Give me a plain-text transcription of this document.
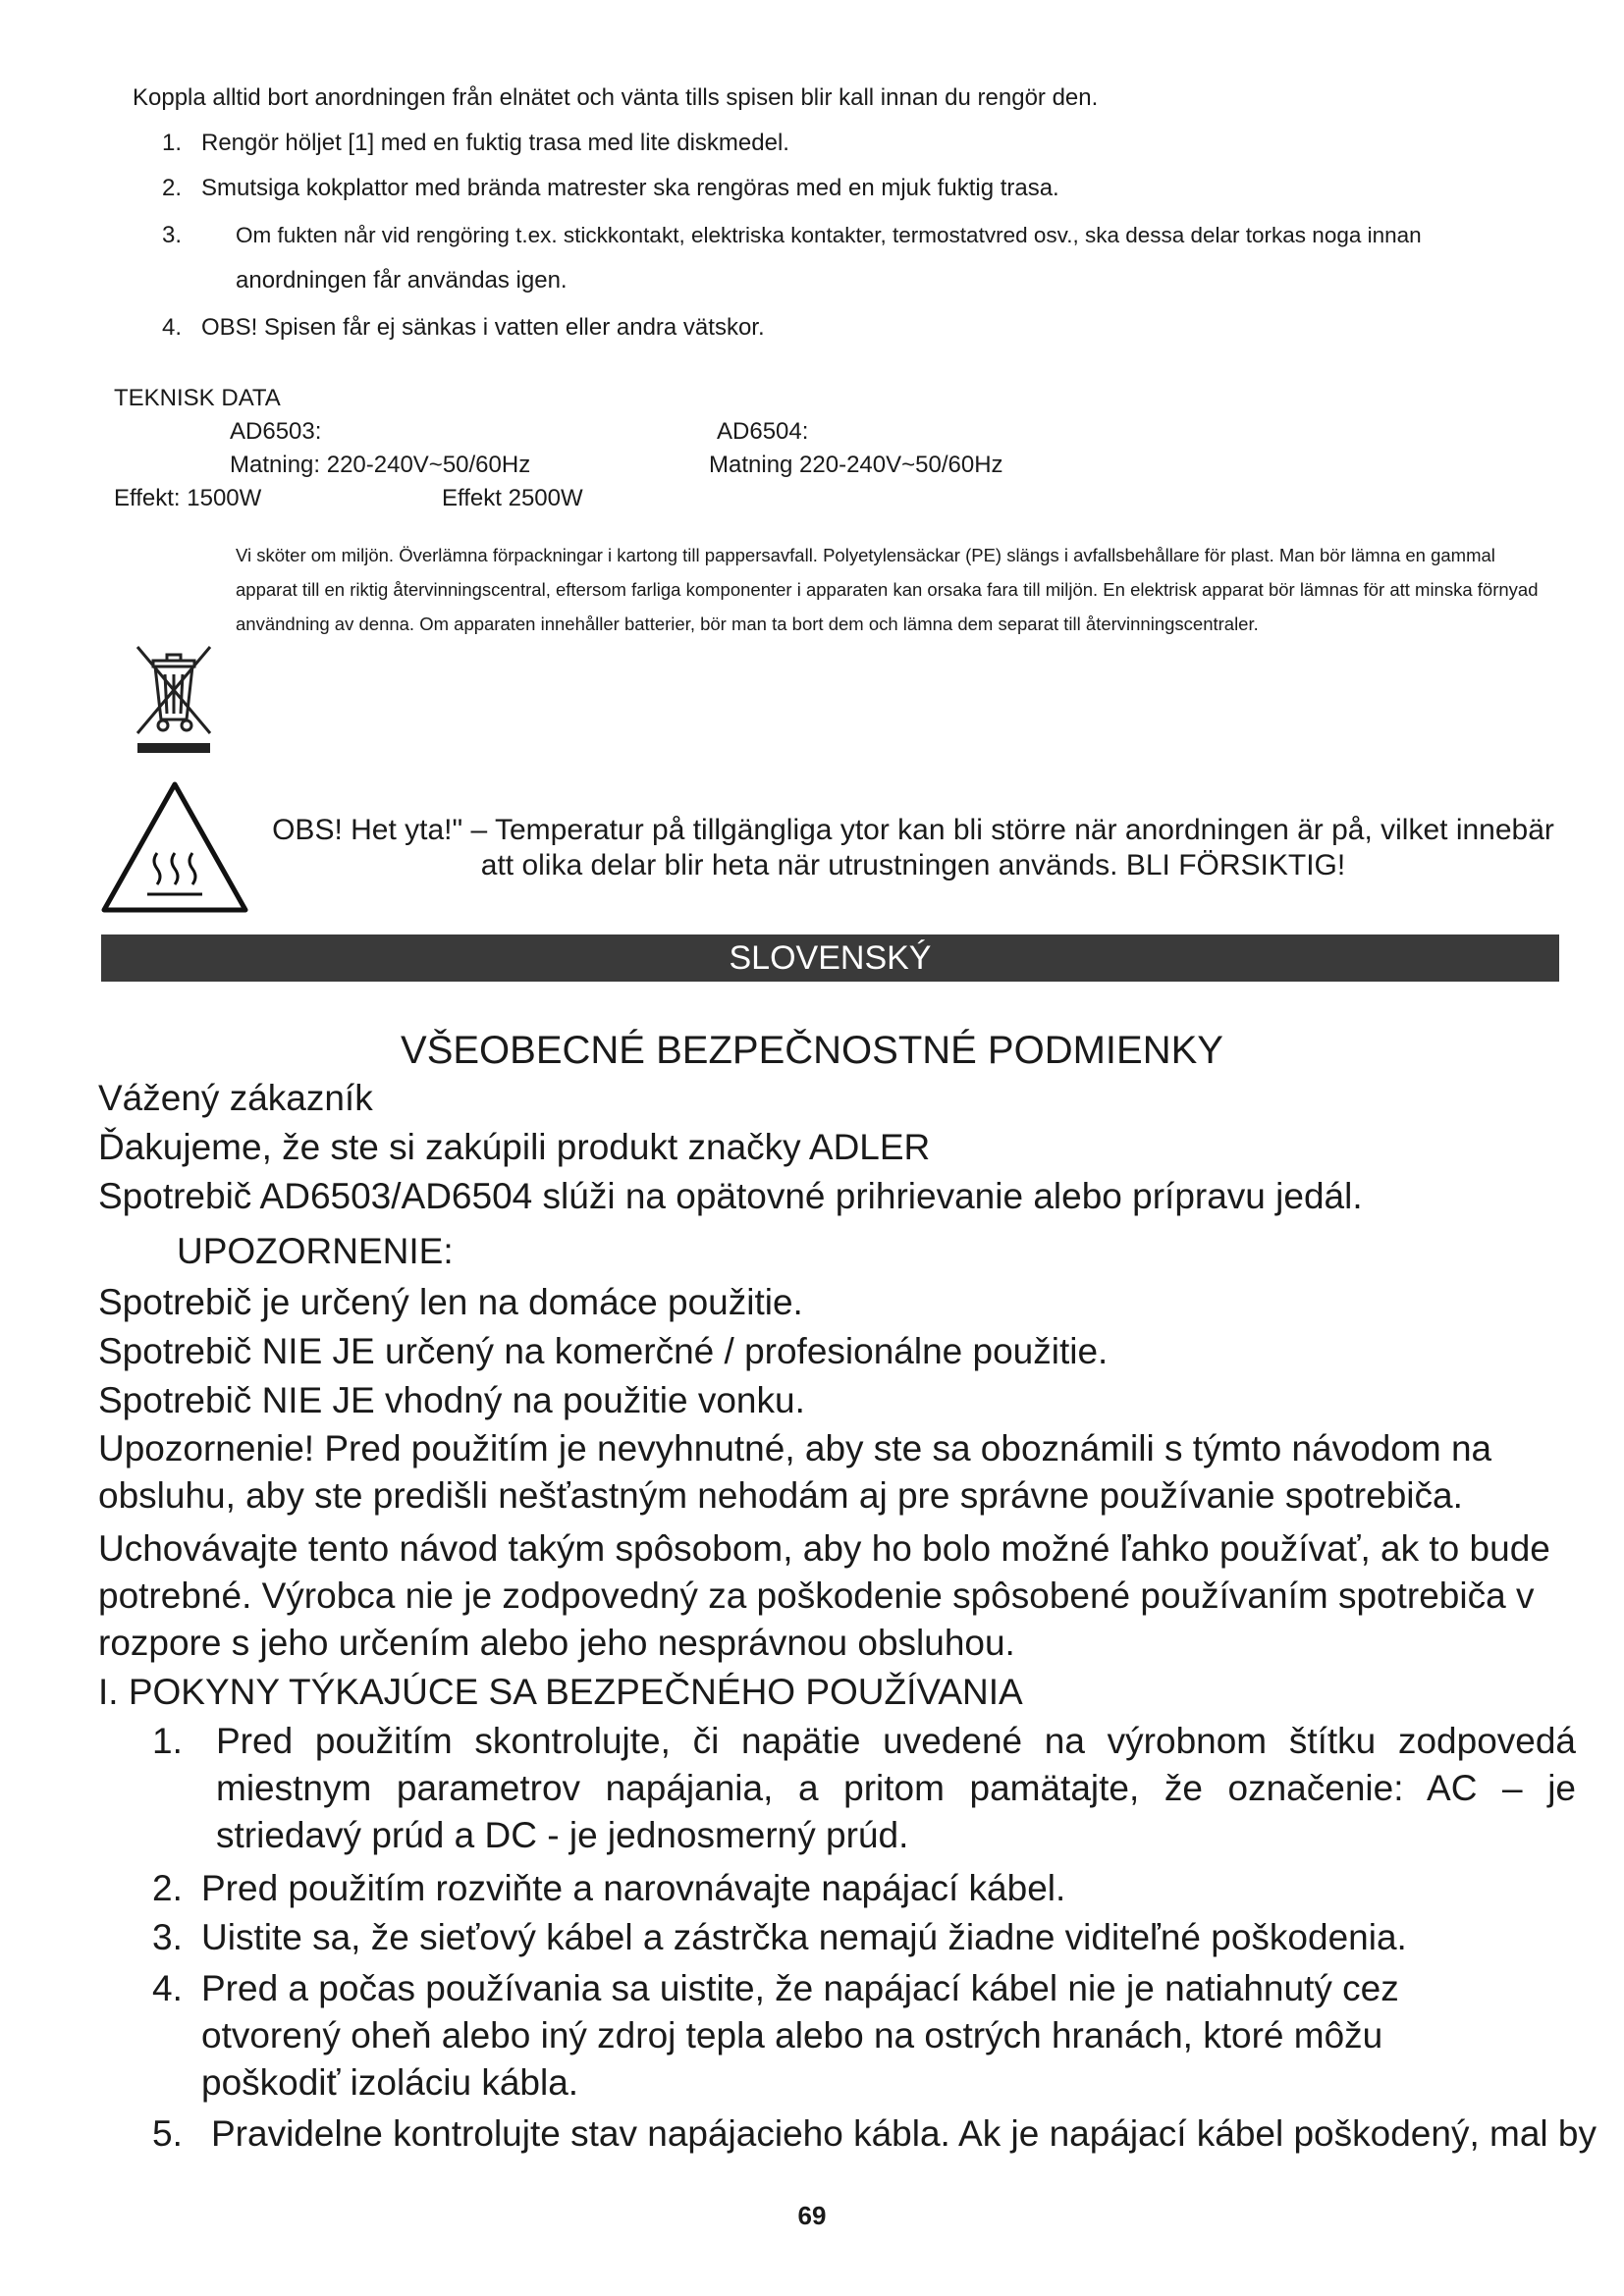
Koppla alltid bort anordningen från elnätet och vänta tills spisen blir kall innan du rengör den.
1. Rengör höljet [1] med en fuktig trasa med lite diskmedel.
2. Smutsiga kokplattor med brända matrester ska rengöras med en mjuk fuktig trasa.
3. Om fukten når vid rengöring t.ex. stickkontakt, elektriska kontakter, termostatvred osv., ska dessa delar torkas noga innan
anordningen får användas igen.
4. OBS! Spisen får ej sänkas i vatten eller andra vätskor.
TEKNISK DATA
AD6503:	AD6504:
Matning: 220-240V~50/60Hz	Matning 220-240V~50/60Hz
Effekt: 1500W	Effekt 2500W
Vi sköter om miljön. Överlämna förpackningar i kartong till pappersavfall. Polyetylensäckar (PE) slängs i avfallsbehållare för plast. Man bör lämna en gammal apparat till en riktig återvinningscentral, eftersom farliga komponenter i apparaten kan orsaka fara till miljön. En elektrisk apparat bör lämnas för att minska förnyad användning av denna. Om apparaten innehåller batterier, bör man ta bort dem och lämna dem separat till återvinningscentraler.
OBS! Het yta!" – Temperatur på tillgängliga ytor kan bli större när anordningen är på, vilket innebär att olika delar blir heta när utrustningen används. BLI FÖRSIKTIG!
SLOVENSKÝ
VŠEOBECNÉ BEZPEČNOSTNÉ PODMIENKY
Vážený zákazník
Ďakujeme, že ste si zakúpili produkt značky ADLER
Spotrebič AD6503/AD6504 slúži na opätovné prihrievanie alebo prípravu jedál.
UPOZORNENIE:
Spotrebič je určený len na domáce použitie.
Spotrebič NIE JE určený na komerčné / profesionálne použitie.
Spotrebič NIE JE vhodný na použitie vonku.
Upozornenie! Pred použitím je nevyhnutné, aby ste sa oboznámili s týmto návodom na obsluhu, aby ste predišli nešťastným nehodám aj pre správne používanie spotrebiča.
Uchovávajte tento návod takým spôsobom, aby ho bolo možné ľahko používať, ak to bude potrebné. Výrobca nie je zodpovedný za poškodenie spôsobené používaním spotrebiča v rozpore s jeho určením alebo jeho nesprávnou obsluhou.
I. POKYNY TÝKAJÚCE SA BEZPEČNÉHO POUŽÍVANIA
1. Pred použitím skontrolujte, či napätie uvedené na výrobnom štítku zodpovedá miestnym parametrov napájania, a pritom pamätajte, že označenie: AC – je striedavý prúd a DC - je jednosmerný prúd.
2. Pred použitím rozviňte a narovnávajte napájací kábel.
3. Uistite sa, že sieťový kábel a zástrčka nemajú žiadne viditeľné poškodenia.
4. Pred a počas používania sa uistite, že napájací kábel nie je natiahnutý cez otvorený oheň alebo iný zdroj tepla alebo na ostrých hranách, ktoré môžu poškodiť izoláciu kábla.
5. Pravidelne kontrolujte stav napájacieho kábla. Ak je napájací kábel poškodený, mal by
69
